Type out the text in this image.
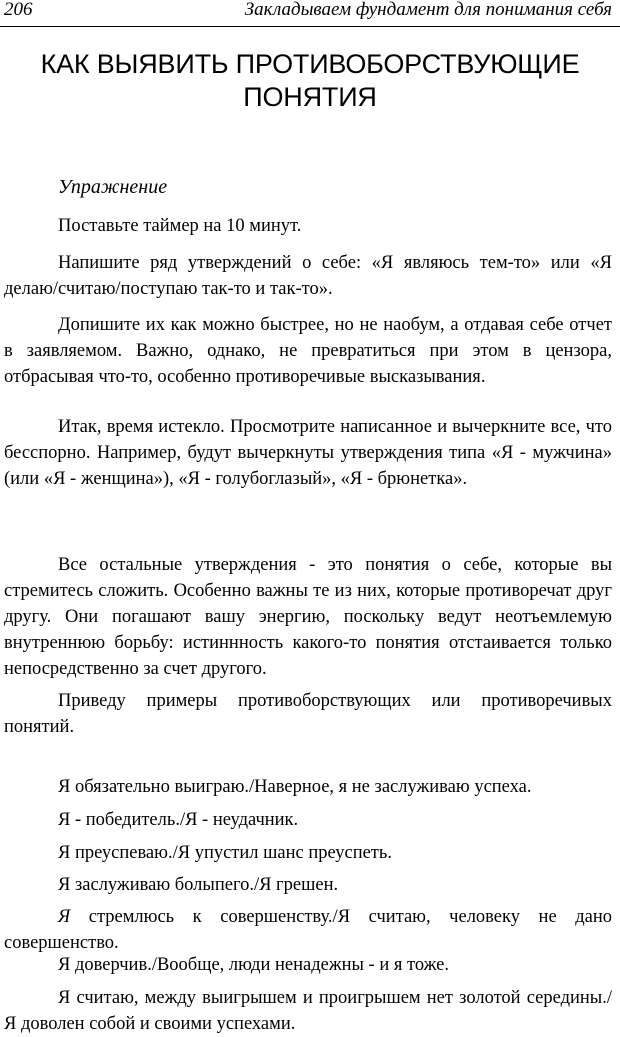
206	Закладываем фундамент для понимания себя
КАК ВЫЯВИТЬ ПРОТИВОБОРСТВУЮЩИЕ
ПОНЯТИЯ
Упражнение

Поставьте таймер на 10 минут.

Напишите ряд утверждений о себе: «Я являюсь тем-то» или «Я делаю/считаю/поступаю так-то и так-то».

Допишите их как можно быстрее, но не наобум, а отдавая себе отчет в заявляемом. Важно, однако, не превратиться при этом в цензора, отбрасывая что-то, особенно противоречивые высказывания.

Итак, время истекло. Просмотрите написанное и вычеркните все, что бесспорно. Например, будут вычеркнуты утверждения типа «Я - мужчина» (или «Я - женщина»), «Я - голубоглазый», «Я - брюнетка».

Все остальные утверждения - это понятия о себе, которые вы стремитесь сложить. Особенно важны те из них, которые противоречат друг другу. Они погашают вашу энергию, поскольку ведут неотъемлемую внутреннюю борьбу: истиннность какого-то понятия отстаивается только непосредственно за счет другого.

Приведу примеры противоборствующих или противоречивых понятий.

Я обязательно выиграю./Наверное, я не заслуживаю успеха.

Я - победитель./Я - неудачник.

Я преуспеваю./Я упустил шанс преуспеть.

Я заслуживаю болыпего./Я грешен.

Я стремлюсь к совершенству./Я считаю, человеку не дано совершенство.

Я доверчив./Вообще, люди ненадежны - и я тоже.

Я считаю, между выигрышем и проигрышем нет золотой середины./Я доволен собой и своими успехами.
